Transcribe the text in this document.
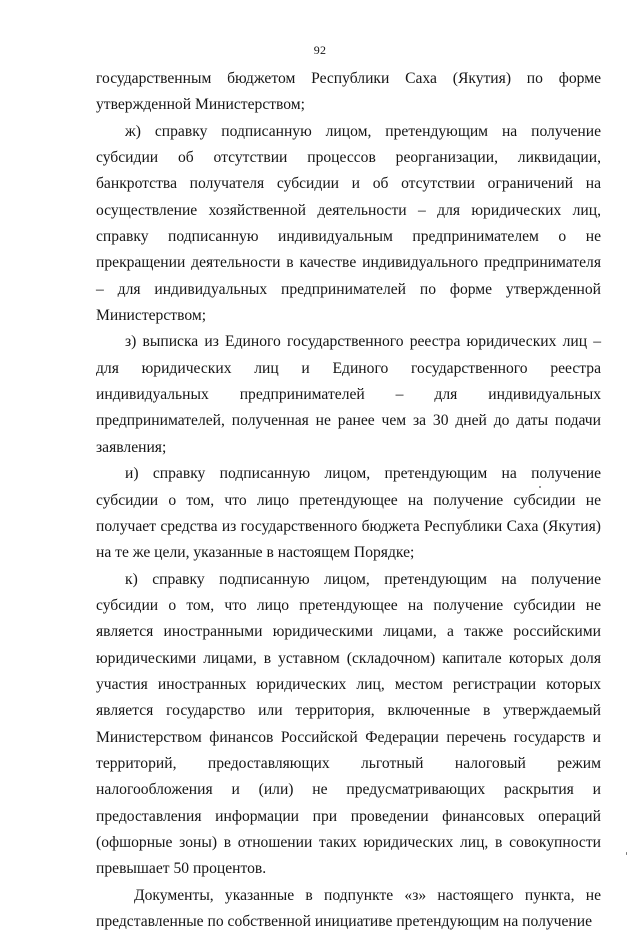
92

государственным бюджетом Республики Саха (Якутия) по форме утвержденной Министерством;

ж) справку подписанную лицом, претендующим на получение субсидии об отсутствии процессов реорганизации, ликвидации, банкротства получателя субсидии и об отсутствии ограничений на осуществление хозяйственной деятельности – для юридических лиц, справку подписанную индивидуальным предпринимателем о не прекращении деятельности в качестве индивидуального предпринимателя – для индивидуальных предпринимателей по форме утвержденной Министерством;

з) выписка из Единого государственного реестра юридических лиц – для юридических лиц и Единого государственного реестра индивидуальных предпринимателей – для индивидуальных предпринимателей, полученная не ранее чем за 30 дней до даты подачи заявления;

и) справку подписанную лицом, претендующим на получение субсидии о том, что лицо претендующее на получение субсидии не получает средства из государственного бюджета Республики Саха (Якутия) на те же цели, указанные в настоящем Порядке;

к) справку подписанную лицом, претендующим на получение субсидии о том, что лицо претендующее на получение субсидии не является иностранными юридическими лицами, а также российскими юридическими лицами, в уставном (складочном) капитале которых доля участия иностранных юридических лиц, местом регистрации которых является государство или территория, включенные в утверждаемый Министерством финансов Российской Федерации перечень государств и территорий, предоставляющих льготный налоговый режим налогообложения и (или) не предусматривающих раскрытия и предоставления информации при проведении финансовых операций (офшорные зоны) в отношении таких юридических лиц, в совокупности превышает 50 процентов.

Документы, указанные в подпункте «з» настоящего пункта, не представленные по собственной инициативе претендующим на получение
